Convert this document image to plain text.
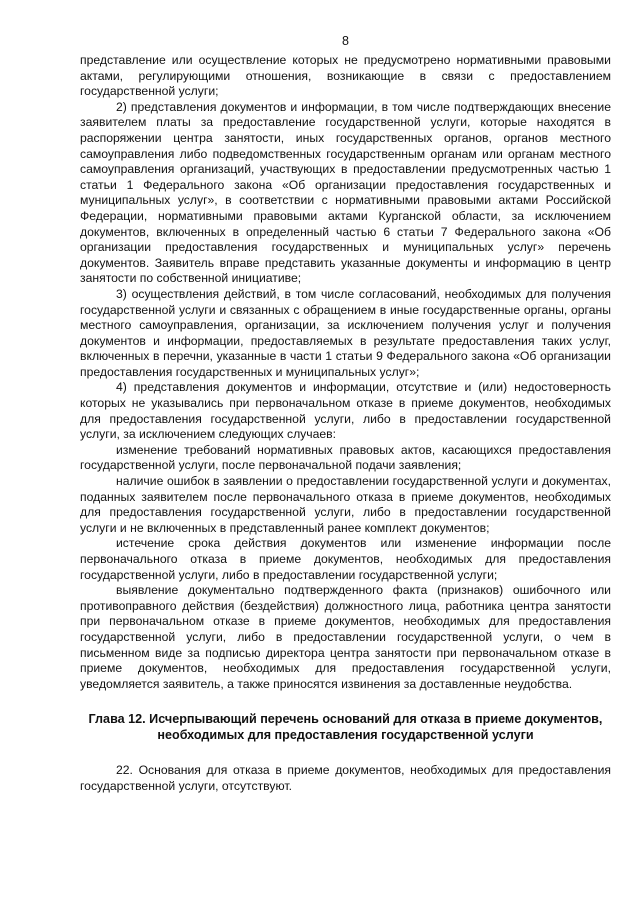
8

представление или осуществление которых не предусмотрено нормативными правовыми актами, регулирующими отношения, возникающие в связи с предоставлением государственной услуги;

2) представления документов и информации, в том числе подтверждающих внесение заявителем платы за предоставление государственной услуги, которые находятся в распоряжении центра занятости, иных государственных органов, органов местного самоуправления либо подведомственных государственным органам или органам местного самоуправления организаций, участвующих в предоставлении предусмотренных частью 1 статьи 1 Федерального закона «Об организации предоставления государственных и муниципальных услуг», в соответствии с нормативными правовыми актами Российской Федерации, нормативными правовыми актами Курганской области, за исключением документов, включенных в определенный частью 6 статьи 7 Федерального закона «Об организации предоставления государственных и муниципальных услуг» перечень документов. Заявитель вправе представить указанные документы и информацию в центр занятости по собственной инициативе;

3) осуществления действий, в том числе согласований, необходимых для получения государственной услуги и связанных с обращением в иные государственные органы, органы местного самоуправления, организации, за исключением получения услуг и получения документов и информации, предоставляемых в результате предоставления таких услуг, включенных в перечни, указанные в части 1 статьи 9 Федерального закона «Об организации предоставления государственных и муниципальных услуг»;

4) представления документов и информации, отсутствие и (или) недостоверность которых не указывались при первоначальном отказе в приеме документов, необходимых для предоставления государственной услуги, либо в предоставлении государственной услуги, за исключением следующих случаев:

изменение требований нормативных правовых актов, касающихся предоставления государственной услуги, после первоначальной подачи заявления;

наличие ошибок в заявлении о предоставлении государственной услуги и документах, поданных заявителем после первоначального отказа в приеме документов, необходимых для предоставления государственной услуги, либо в предоставлении государственной услуги и не включенных в представленный ранее комплект документов;

истечение срока действия документов или изменение информации после первоначального отказа в приеме документов, необходимых для предоставления государственной услуги, либо в предоставлении государственной услуги;

выявление документально подтвержденного факта (признаков) ошибочного или противоправного действия (бездействия) должностного лица, работника центра занятости при первоначальном отказе в приеме документов, необходимых для предоставления государственной услуги, либо в предоставлении государственной услуги, о чем в письменном виде за подписью директора центра занятости при первоначальном отказе в приеме документов, необходимых для предоставления государственной услуги, уведомляется заявитель, а также приносятся извинения за доставленные неудобства.

Глава 12. Исчерпывающий перечень оснований для отказа в приеме документов, необходимых для предоставления государственной услуги

22. Основания для отказа в приеме документов, необходимых для предоставления государственной услуги, отсутствуют.
